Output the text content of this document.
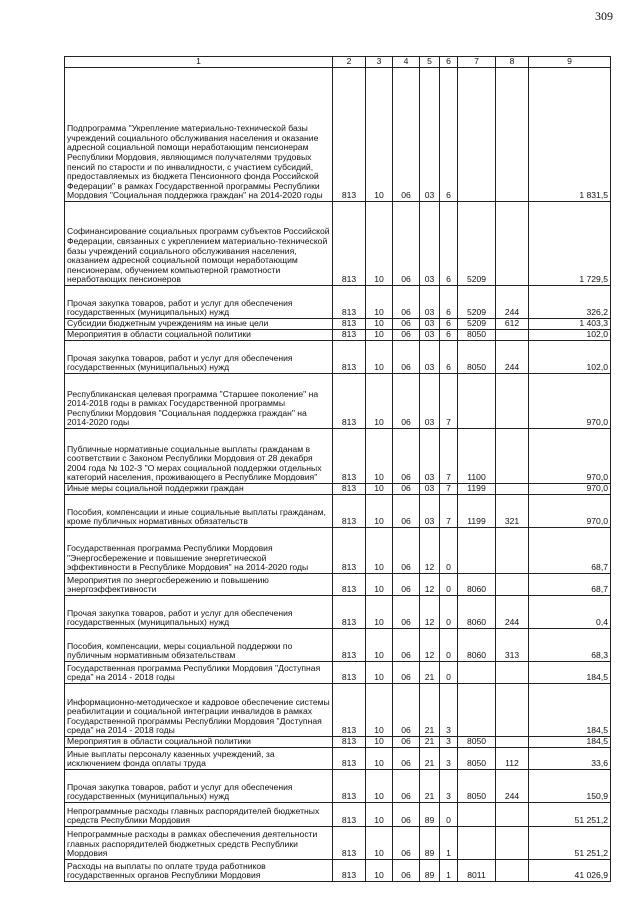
309
1	2	3	4	5	6	7	8	9
Подпрограмма "Укрепление материально-технической базы учреждений социального обслуживания населения и оказание адресной социальной помощи неработающим пенсионерам Республики Мордовия, являющимся получателями трудовых пенсий по старости и по инвалидности, с участием субсидий, предоставляемых из бюджета Пенсионного фонда Российской Федерации" в рамках Государственной программы Республики Мордовия "Социальная поддержка граждан" на 2014-2020 годы	813	10	06	03	6			1 831,5
Софинансирование социальных программ субъектов Российской Федерации, связанных с укреплением материально-технической базы учреждений социального обслуживания населения, оказанием адресной социальной помощи неработающим пенсионерам, обучением компьютерной грамотности неработающих пенсионеров	813	10	06	03	6	5209		1 729,5
Прочая закупка товаров, работ и услуг для обеспечения государственных (муниципальных) нужд	813	10	06	03	6	5209	244	326,2
Субсидии бюджетным учреждениям на иные цели	813	10	06	03	6	5209	612	1 403,3
Мероприятия в области социальной политики	813	10	06	03	6	8050		102,0
Прочая закупка товаров, работ и услуг для обеспечения государственных (муниципальных) нужд	813	10	06	03	6	8050	244	102,0
Республиканская целевая программа "Старшее поколение" на 2014-2018 годы в рамках Государственной программы Республики Мордовия "Социальная поддержка граждан" на 2014-2020 годы	813	10	06	03	7			970,0
Публичные нормативные социальные выплаты гражданам в соответствии с Законом Республики Мордовия от 28 декабря 2004 года № 102-З "О мерах социальной поддержки отдельных категорий населения, проживающего в Республике Мордовия"	813	10	06	03	7	1100		970,0
Иные меры социальной поддержки граждан	813	10	06	03	7	1199		970,0
Пособия, компенсации и иные социальные выплаты гражданам, кроме публичных нормативных обязательств	813	10	06	03	7	1199	321	970,0
Государственная программа Республики Мордовия "Энергосбережение и повышение энергетической эффективности в Республике Мордовия" на 2014-2020 годы	813	10	06	12	0			68,7
Мероприятия по энергосбережению и повышению энергоэффективности	813	10	06	12	0	8060		68,7
Прочая закупка товаров, работ и услуг для обеспечения государственных (муниципальных) нужд	813	10	06	12	0	8060	244	0,4
Пособия, компенсации, меры социальной поддержки по публичным нормативным обязательствам	813	10	06	12	0	8060	313	68,3
Государственная программа Республики Мордовия "Доступная среда" на 2014 - 2018 годы	813	10	06	21	0			184,5
Информационно-методическое и кадровое обеспечение системы реабилитации и социальной интеграции инвалидов в рамках Государственной программы Республики Мордовия "Доступная среда" на 2014 - 2018 годы	813	10	06	21	3			184,5
Мероприятия в области социальной политики	813	10	06	21	3	8050		184,5
Иные выплаты персоналу казенных учреждений, за исключением фонда оплаты труда	813	10	06	21	3	8050	112	33,6
Прочая закупка товаров, работ и услуг для обеспечения государственных (муниципальных) нужд	813	10	06	21	3	8050	244	150,9
Непрограммные расходы главных распорядителей бюджетных средств Республики Мордовия	813	10	06	89	0			51 251,2
Непрограммные расходы в рамках обеспечения деятельности главных распорядителей бюджетных средств Республики Мордовия	813	10	06	89	1			51 251,2
Расходы на выплаты по оплате труда работников государственных органов Республики Мордовия	813	10	06	89	1	8011		41 026,9
